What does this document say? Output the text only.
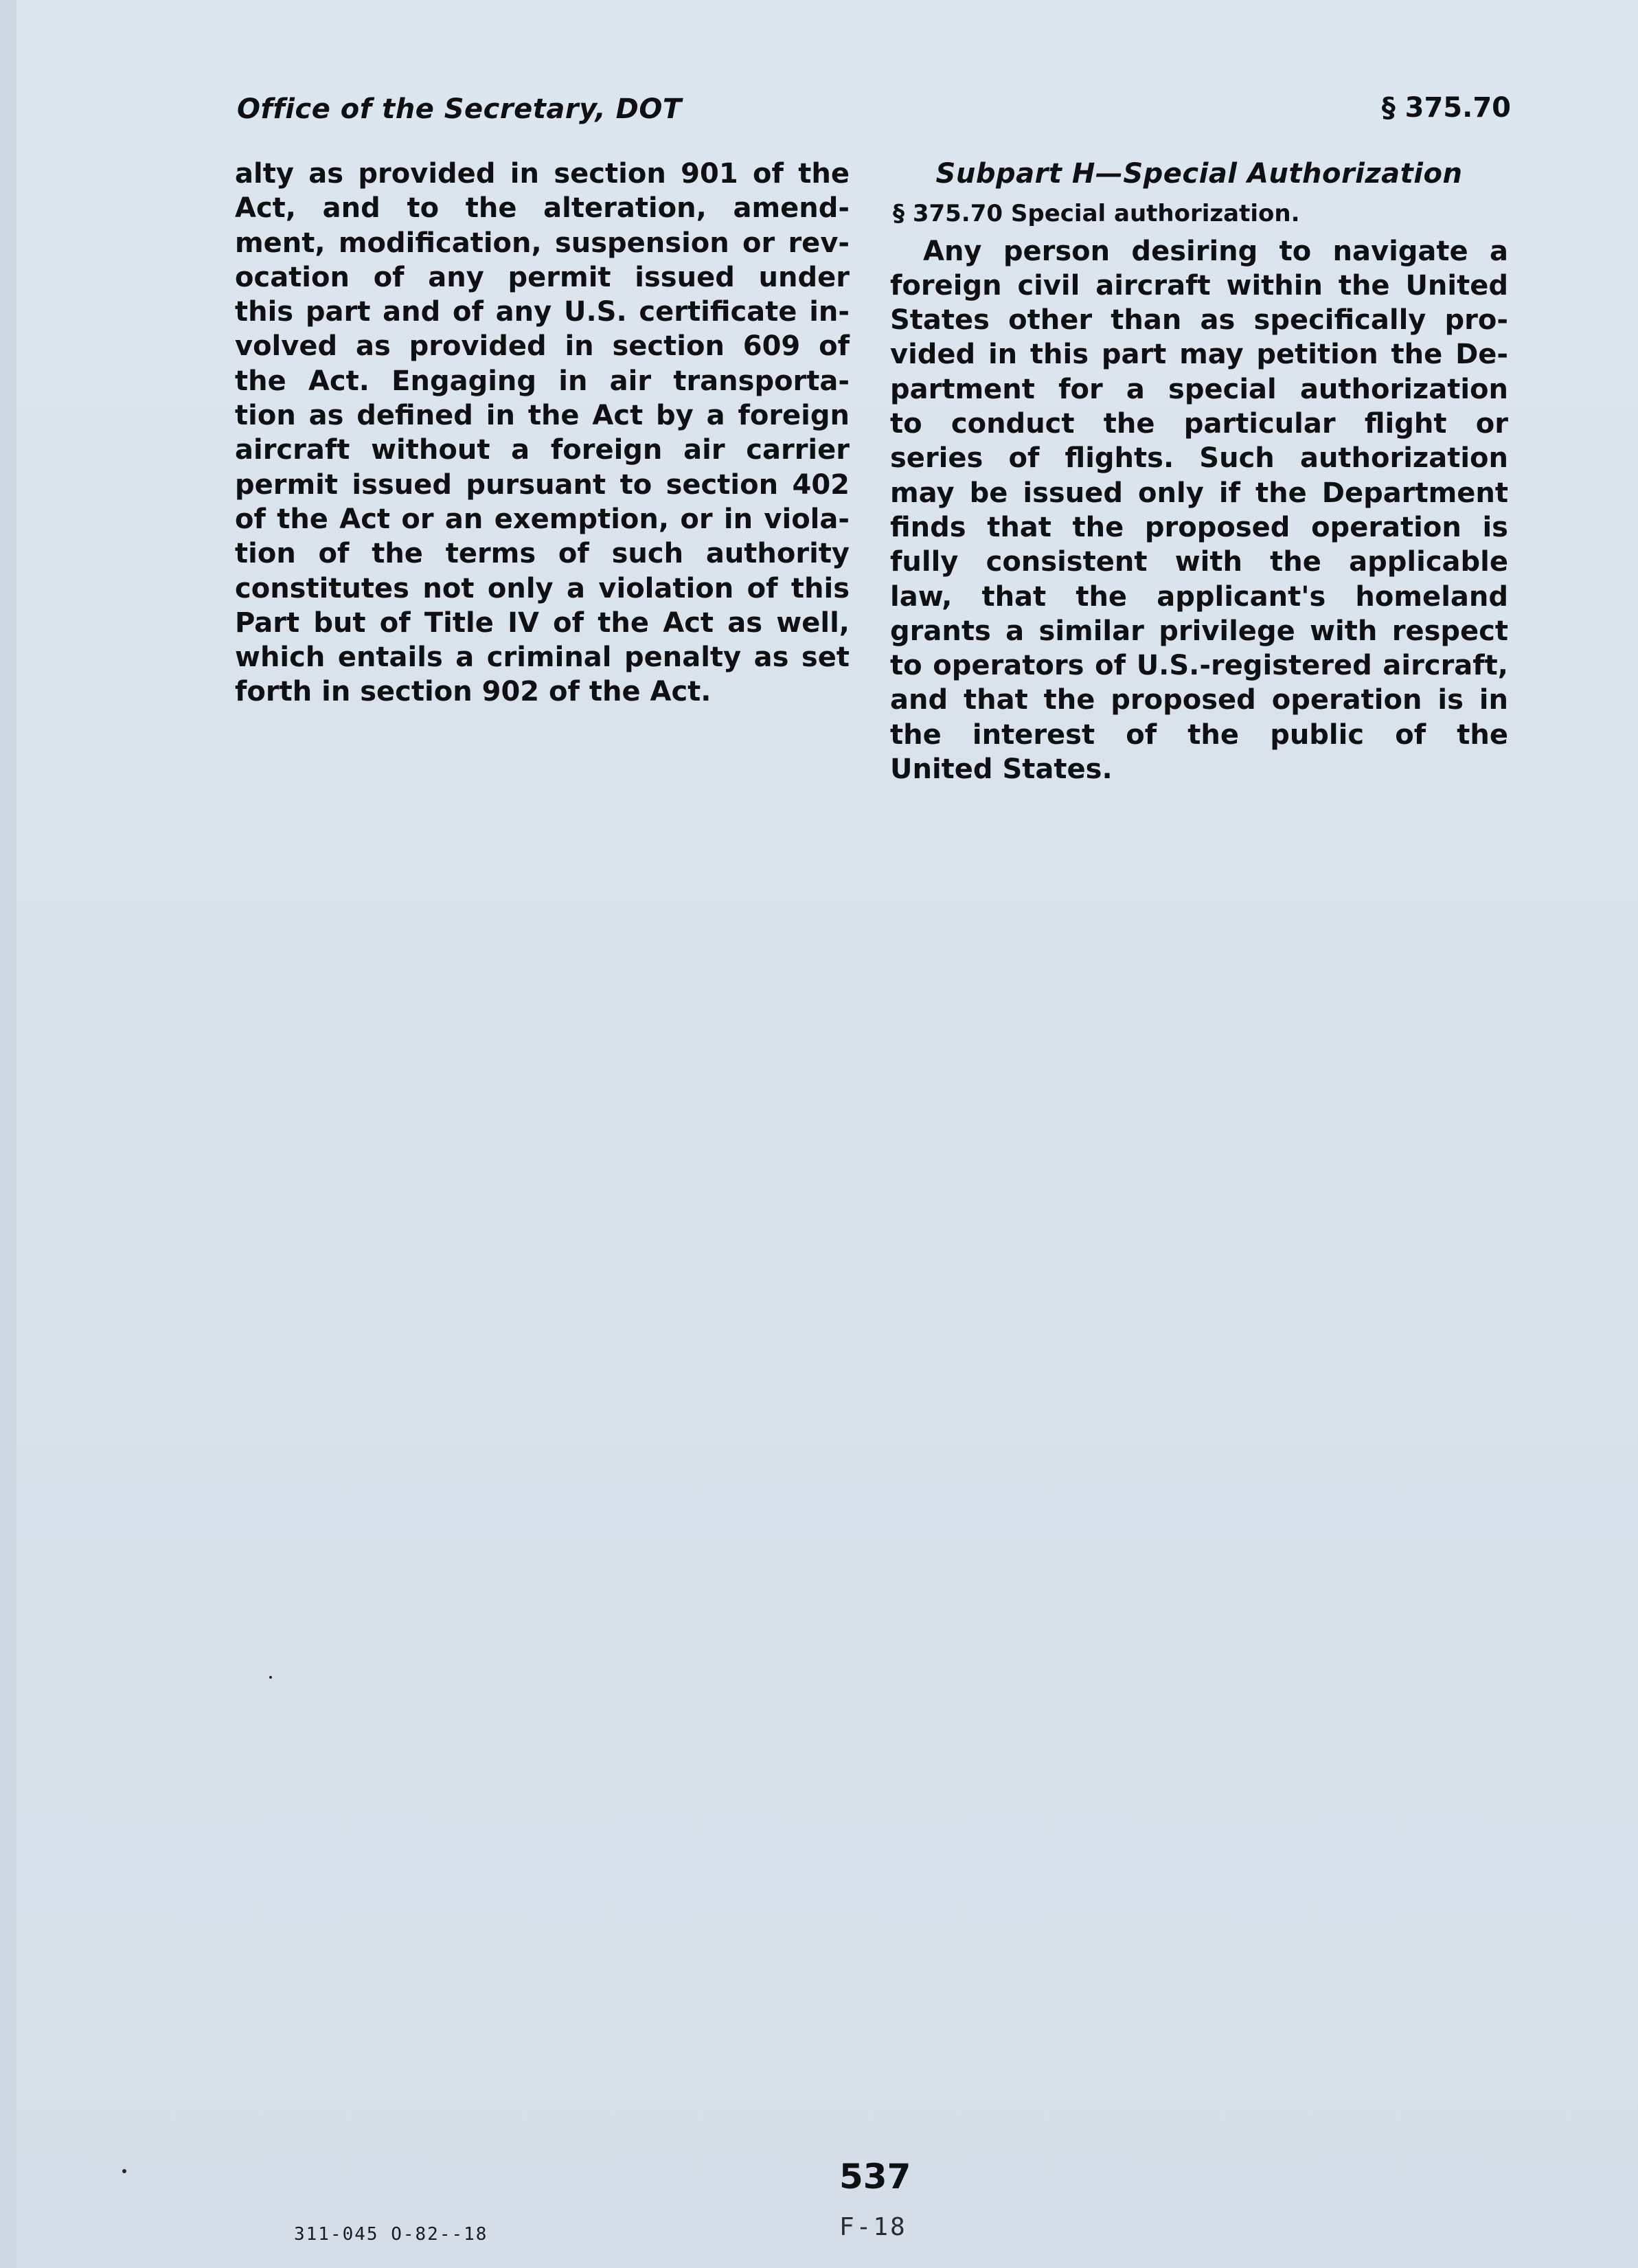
Office of the Secretary, DOT	§ 375.70
alty as provided in section 901 of the
Act, and to the alteration, amend-
ment, modification, suspension or rev-
ocation of any permit issued under
this part and of any U.S. certificate in-
volved as provided in section 609 of
the Act. Engaging in air transporta-
tion as defined in the Act by a foreign
aircraft without a foreign air carrier
permit issued pursuant to section 402
of the Act or an exemption, or in viola-
tion of the terms of such authority
constitutes not only a violation of this
Part but of Title IV of the Act as well,
which entails a criminal penalty as set
forth in section 902 of the Act.
Subpart H—Special Authorization
§ 375.70 Special authorization.
Any person desiring to navigate a
foreign civil aircraft within the United
States other than as specifically pro-
vided in this part may petition the De-
partment for a special authorization
to conduct the particular flight or
series of flights. Such authorization
may be issued only if the Department
finds that the proposed operation is
fully consistent with the applicable
law, that the applicant's homeland
grants a similar privilege with respect
to operators of U.S.-registered aircraft,
and that the proposed operation is in
the interest of the public of the
United States.
537
311-045 O-82--18	F-18
